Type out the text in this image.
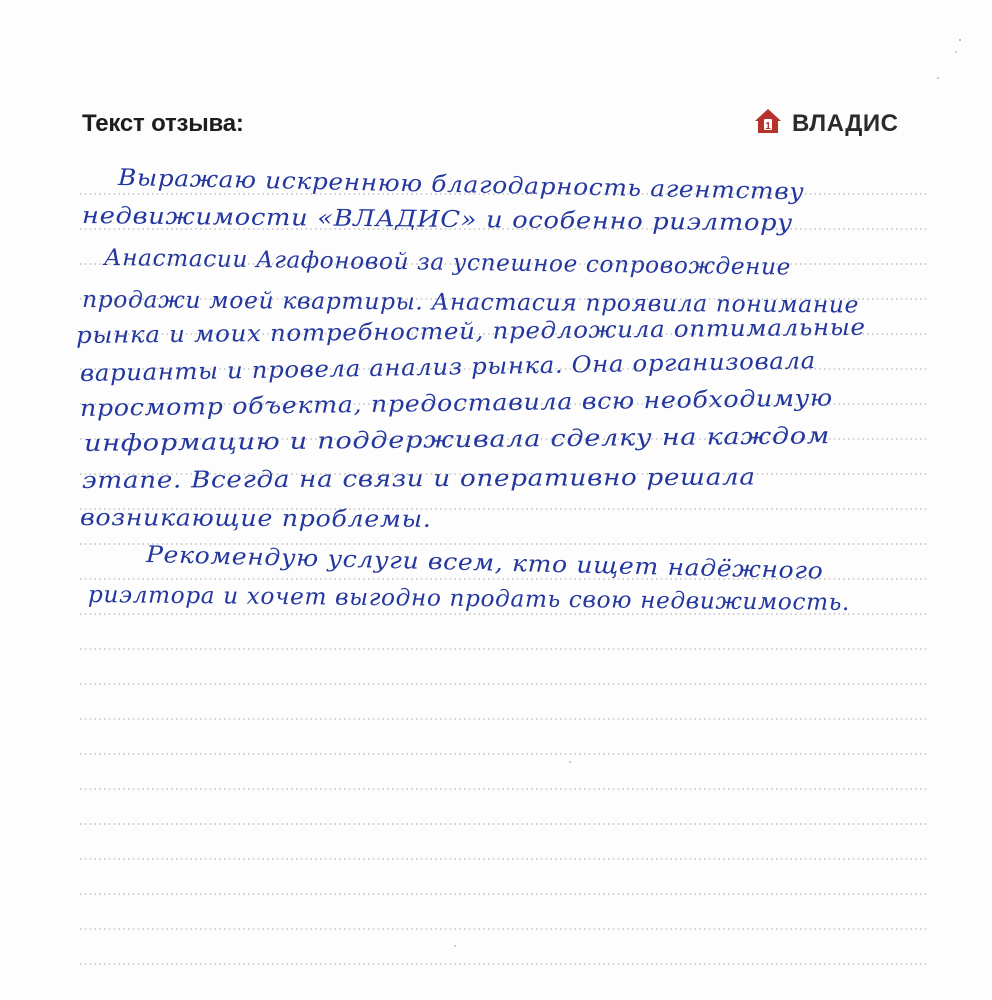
Текст отзыва:	1 ВЛАДИС
Выражаю искреннюю благодарность агентству
недвижимости «ВЛАДИС» и особенно риэлтору
Анастасии Агафоновой за успешное сопровождение
продажи моей квартиры. Анастасия проявила понимание
рынка и моих потребностей, предложила оптимальные
варианты и провела анализ рынка. Она организовала
просмотр объекта, предоставила всю необходимую
информацию и поддерживала сделку на каждом
этапе. Всегда на связи и оперативно решала
возникающие проблемы.
Рекомендую услуги всем, кто ищет надёжного
риэлтора и хочет выгодно продать свою недвижимость.
